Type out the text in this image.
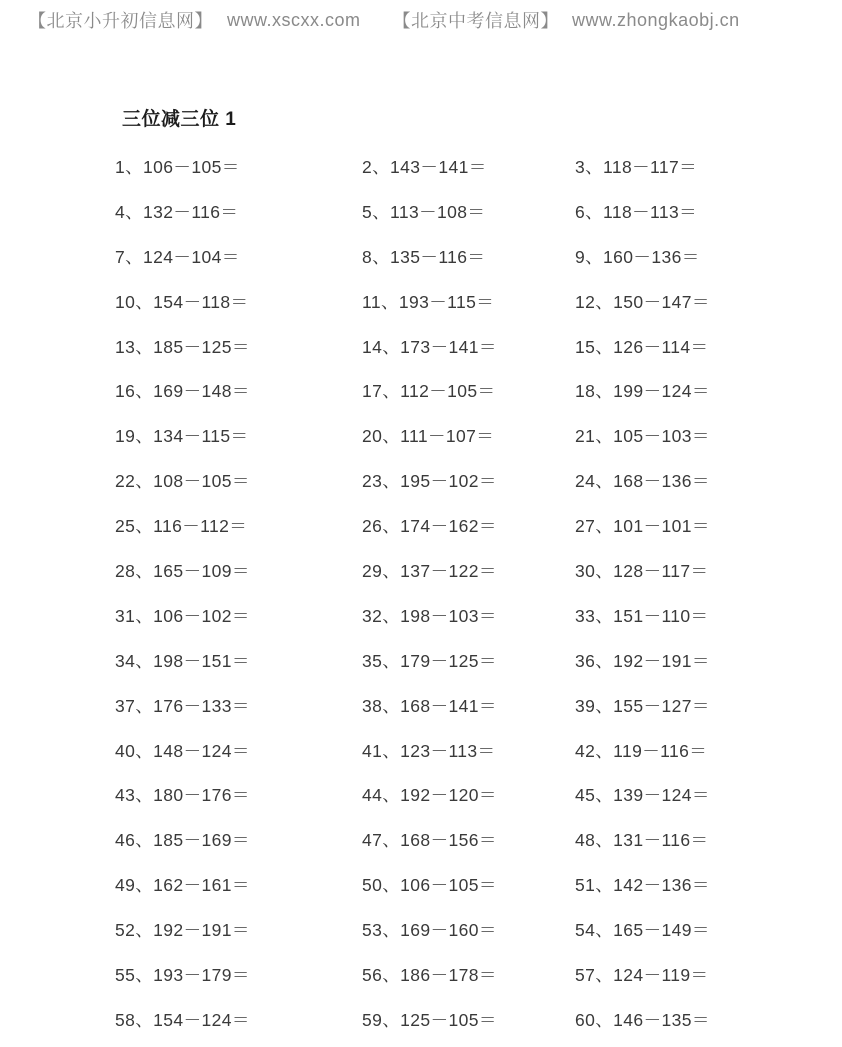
【北京小升初信息网】 www.xscxx.com 【北京中考信息网】 www.zhongkaobj.cn
三位减三位 1
1、106－105＝	2、143－141＝	3、118－117＝
4、132－116＝	5、113－108＝	6、118－113＝
7、124－104＝	8、135－116＝	9、160－136＝
10、154－118＝	11、193－115＝	12、150－147＝
13、185－125＝	14、173－141＝	15、126－114＝
16、169－148＝	17、112－105＝	18、199－124＝
19、134－115＝	20、111－107＝	21、105－103＝
22、108－105＝	23、195－102＝	24、168－136＝
25、116－112＝	26、174－162＝	27、101－101＝
28、165－109＝	29、137－122＝	30、128－117＝
31、106－102＝	32、198－103＝	33、151－110＝
34、198－151＝	35、179－125＝	36、192－191＝
37、176－133＝	38、168－141＝	39、155－127＝
40、148－124＝	41、123－113＝	42、119－116＝
43、180－176＝	44、192－120＝	45、139－124＝
46、185－169＝	47、168－156＝	48、131－116＝
49、162－161＝	50、106－105＝	51、142－136＝
52、192－191＝	53、169－160＝	54、165－149＝
55、193－179＝	56、186－178＝	57、124－119＝
58、154－124＝	59、125－105＝	60、146－135＝
